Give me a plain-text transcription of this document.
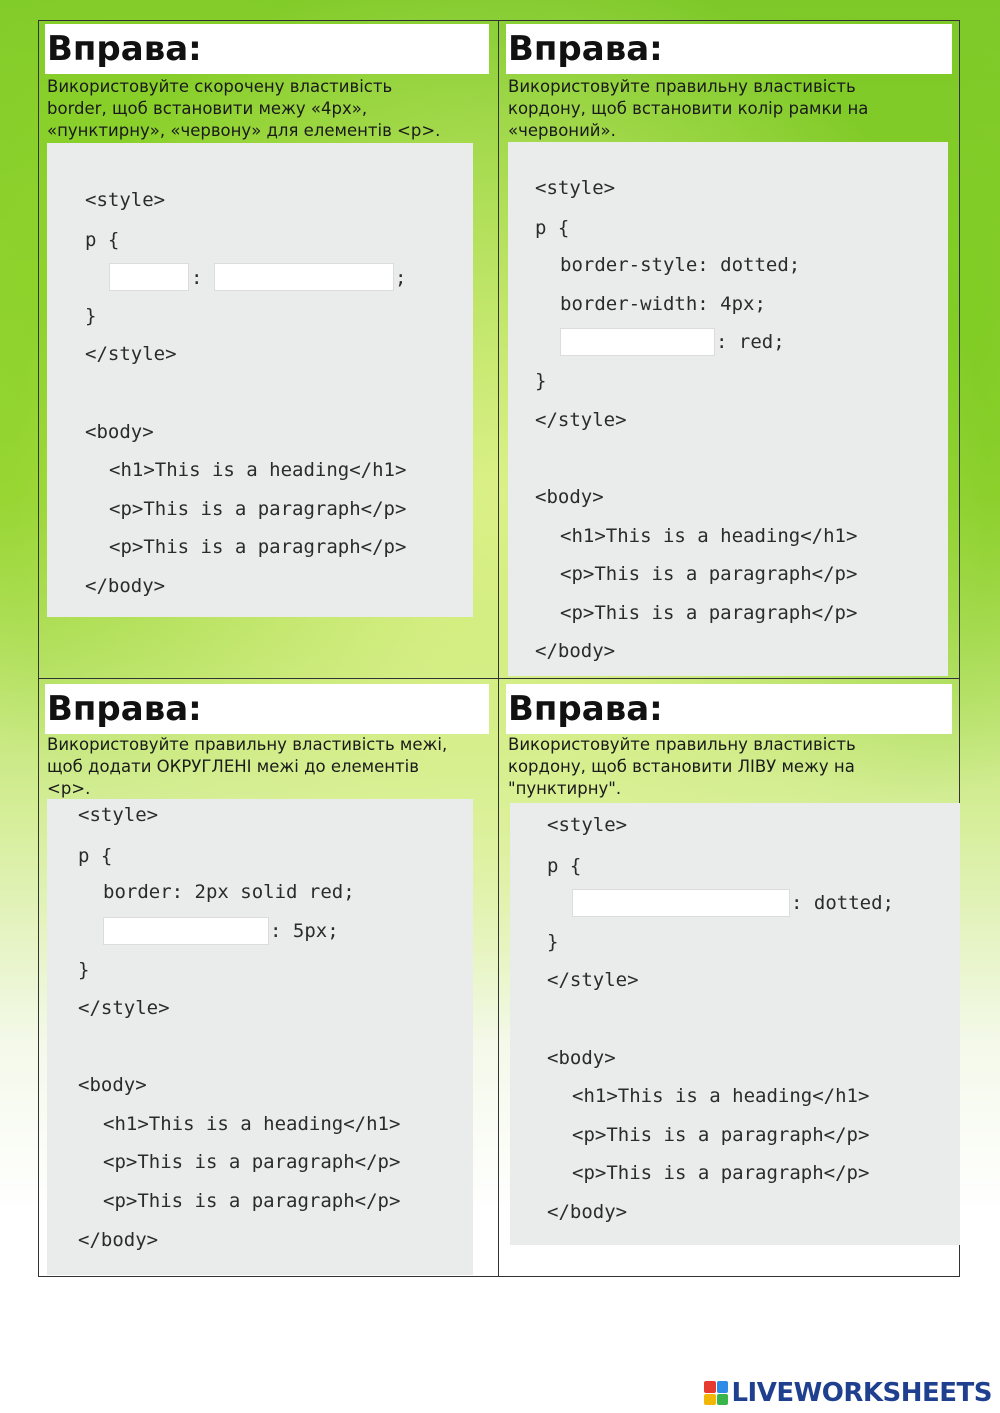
Вправа:
Використовуйте скорочену властивість
border, щоб встановити межу «4px»,
«пунктирну», «червону» для елементів <p>.
<style>
p {
:	;
}
</style>
<body>
<h1>This is a heading</h1>
<p>This is a paragraph</p>
<p>This is a paragraph</p>
</body>
Вправа:
Використовуйте правильну властивість
кордону, щоб встановити колір рамки на
«червоний».
<style>
p {
border-style: dotted;
border-width: 4px;
: red;
}
</style>
<body>
<h1>This is a heading</h1>
<p>This is a paragraph</p>
<p>This is a paragraph</p>
</body>
Вправа:
Використовуйте правильну властивість межі,
щоб додати ОКРУГЛЕНІ межі до елементів
<p>.
<style>
p {
border: 2px solid red;
: 5px;
}
</style>
<body>
<h1>This is a heading</h1>
<p>This is a paragraph</p>
<p>This is a paragraph</p>
</body>
Вправа:
Використовуйте правильну властивість
кордону, щоб встановити ЛІВУ межу на
"пунктирну".
<style>
p {
: dotted;
}
</style>
<body>
<h1>This is a heading</h1>
<p>This is a paragraph</p>
<p>This is a paragraph</p>
</body>
LIVEWORKSHEETS
